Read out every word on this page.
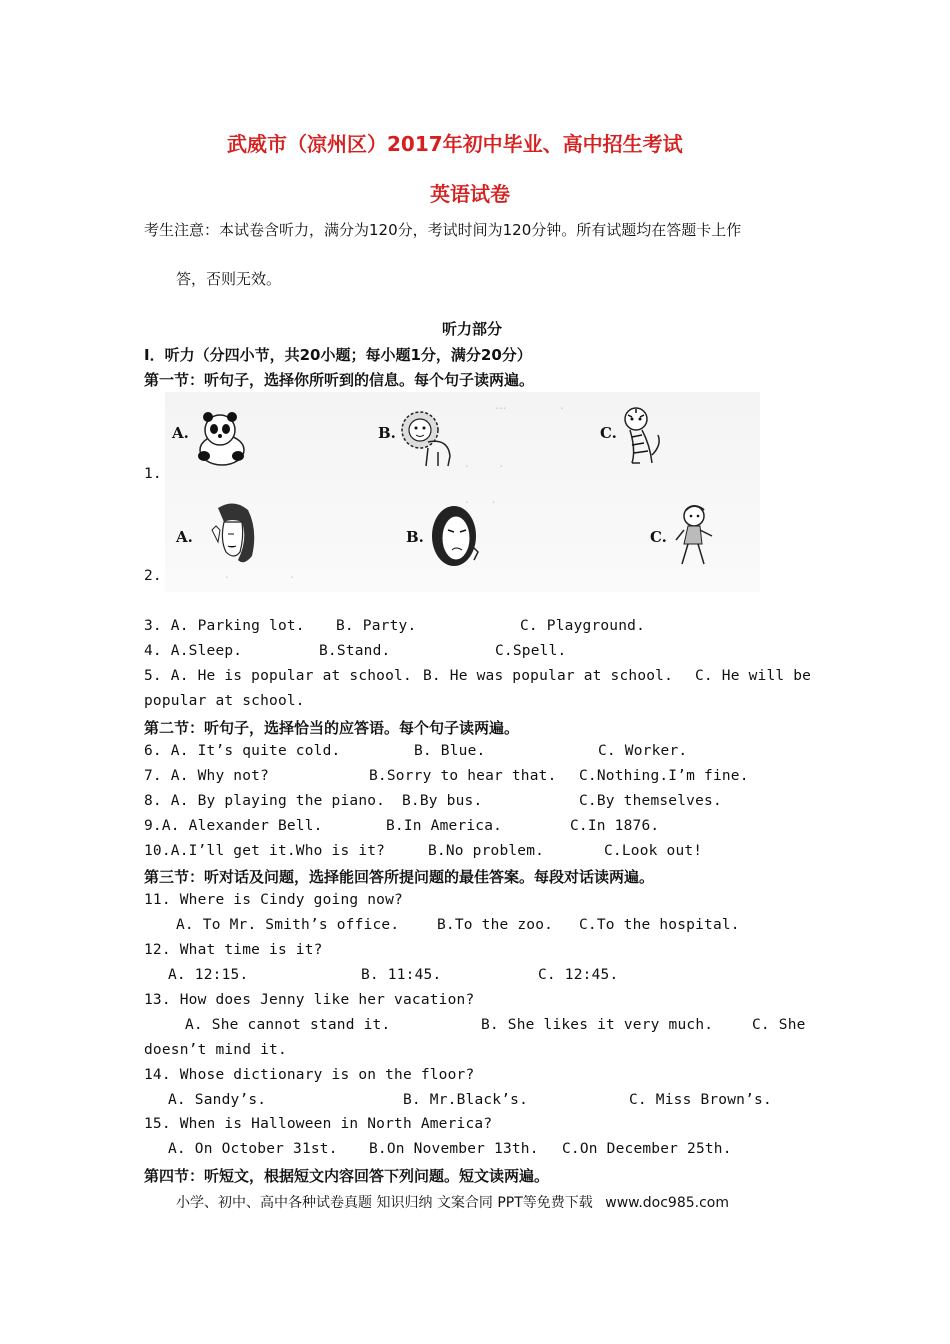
武威市（凉州区）2017年初中毕业、高中招生考试
英语试卷
考生注意：本试卷含听力，满分为120分，考试时间为120分钟。所有试题均在答题卡上作
答，否则无效。
听力部分
I．听力（分四小节，共20小题；每小题1分，满分20分）
第一节：听句子，选择你所听到的信息。每个句子读两遍。
...              .
.        .
.      .
.                .
A.	B.	C.
1.
A.	B.	C.
2.
3. A. Parking lot. B. Party.	C. Playground.
4. A.Sleep.	B.Stand.	C.Spell.
5. A. He is popular at school. B. He was popular at school. C. He will be
popular at school.
第二节：听句子，选择恰当的应答语。每个句子读两遍。
6. A. It’s quite cold.	B. Blue.	C. Worker.
7. A. Why not?	B.Sorry to hear that. C.Nothing.I’m fine.
8. A. By playing the piano. B.By bus.	C.By themselves.
9.A. Alexander Bell.	B.In America.	C.In 1876.
10.A.I’ll get it.Who is it?	B.No problem.	C.Look out!
第三节：听对话及问题，选择能回答所提问题的最佳答案。每段对话读两遍。
11. Where is Cindy going now?
A. To Mr. Smith’s office.	B.To the zoo. C.To the hospital.
12. What time is it?
A. 12:15.	B. 11:45.	C. 12:45.
13. How does Jenny like her vacation?
A. She cannot stand it.	B. She likes it very much.	C. She
doesn’t mind it.
14. Whose dictionary is on the floor?
A. Sandy’s.	B. Mr.Black’s.	C. Miss Brown’s.
15. When is Halloween in North America?
A. On October 31st. B.On November 13th. C.On December 25th.
第四节：听短文，根据短文内容回答下列问题。短文读两遍。
小学、初中、高中各种试卷真题 知识归纳 文案合同 PPT等免费下载 www.doc985.com
